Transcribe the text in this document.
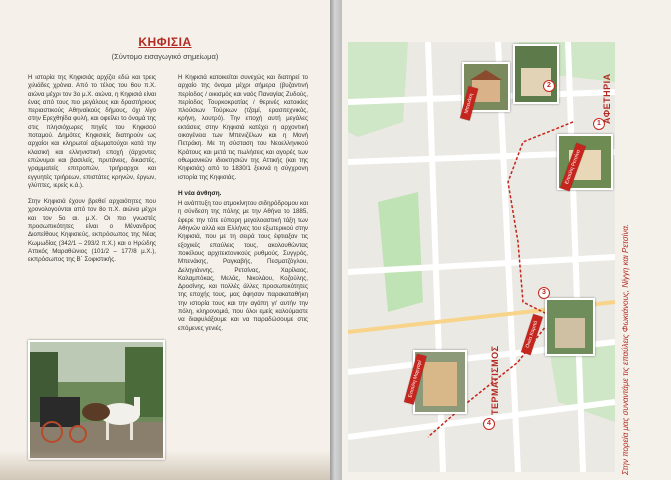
ΚΗΦΙΣΙΑ
(Σύντομο εισαγωγικό σημείωμα)

Η ιστορία της Κηφισιάς αρχίζει εδώ και τρεις χιλιάδες χρόνια. Από το τέλος του 6ου π.Χ. αιώνα μέχρι τον 3ο μ.Χ. αιώνα, η Κηφισιά είναι ένας από τους πιο μεγάλους και δραστήριους περιαστικούς Αθηναϊκούς δήμους, όχι λίγο στην Ερεχθηίδα φυλή, και οφείλει το όνομά της στις πλησιόχωρες πηγές του Κηφισού ποταμού. Δημότες Κηφισιείς διατηρούν ως αρχαίοι και κληρωτοί αξιωματούχοι κατά την κλασική και ελληνιστική εποχή (άρχοντες επώνυμοι και βασιλείς, πρυτάνεις, δικαστές, γραμματείς επιτροπών, τριήραρχοι και εγγυητές τριήρεων, επιστάτες κρηνών, έργων, γλύπτες, ιερείς κ.ά.).

Στην Κηφισιά έχουν βρεθεί αρχαιότητες που χρονολογούνται από τον 8ο π.Χ. αιώνα μέχρι και τον 5ο αι. μ.Χ. Οι πιο γνωστές προσωπικότητες είναι ο Μένανδρος Διοπείθους Κηφισιεύς, εκπρόσωπος της Νέας Κωμωδίας (342/1 – 293/2 π.Χ.) και ο Ηρώδης Αττικός Μαραθώνιος (101/2 – 177/8 μ.Χ.), εκπρόσωπος της Β΄ Σοφιστικής.

Η Κηφισιά κατοικείται συνεχώς και διατηρεί το αρχαίο της όνομα μέχρι σήμερα (βυζαντινή περίοδος / οικισμός και ναός Παναγίας Ζυδούς, περίοδος Τουρκοκρατίας / θερινές κατοικίες πλούσιων Τούρκων (τζαμί, ερασιτεχνικός, κρήνη, λουτρό). Την εποχή αυτή μεγάλες εκτάσεις στην Κηφισιά κατέχει η αρχοντική οικογένεια των Μπενιζέλων και η Μονή Πετράκη. Με τη σύσταση του Νεοελληνικού Κράτους και μετά τις πωλήσεις και αγορές των οθωμανικών ιδιοκτησιών της Αττικής (και της Κηφισιάς) από το 1830/1 ξεκινά η σύγχρονη ιστορία της Κηφισιάς.

Η νέα άνθηση.

Η ανάπτυξη του ατμοκίνητου σιδηρόδρομου και η σύνδεση της πόλης με την Αθήνα το 1885, έφερε την τότε εύπορη μεγαλοαστική τάξη των Αθηνών αλλά και Ελλήνες του εξωτερικού στην Κηφισιά, που με τη σειρά τους έφτιαξαν τις εξοχικές επαύλεις τους, ακολουθώντας ποικίλους αρχιτεκτονικούς ρυθμούς. Συγγρός, Μπενάκης, Ραγκαβής, Πεσματζόγλου, Δεληγιάννης, Ρετσίνας, Χαρίλαος, Καλαμπόκας, Μελάς, Νικολάου, Κοζούλης, Δροσίνης, και πολλές άλλες προσωπικότητες της εποχής τους, μας άφησαν παρακαταθήκη την ιστορία τους και την αγάπη γι' αυτήν την πόλη, κληρονομιά, που όλοι εμείς καλούμαστε να διαφυλάξουμε και να παραδώσουμε στις επόμενες γενιές.

Μπενάκη
Επαύλη Ρετσίνα
Οικία Καμπά
Επαύλη Μαργαρί
1
2
3
4
ΑΦΕΤΗΡΙΑ
ΤΕΡΜΑΤΙΣΜΟΣ	Στην πορεία μας συναντάμε τις επαύλεις Φωκιάνους, Νίγγη και Ρετσίνα.
